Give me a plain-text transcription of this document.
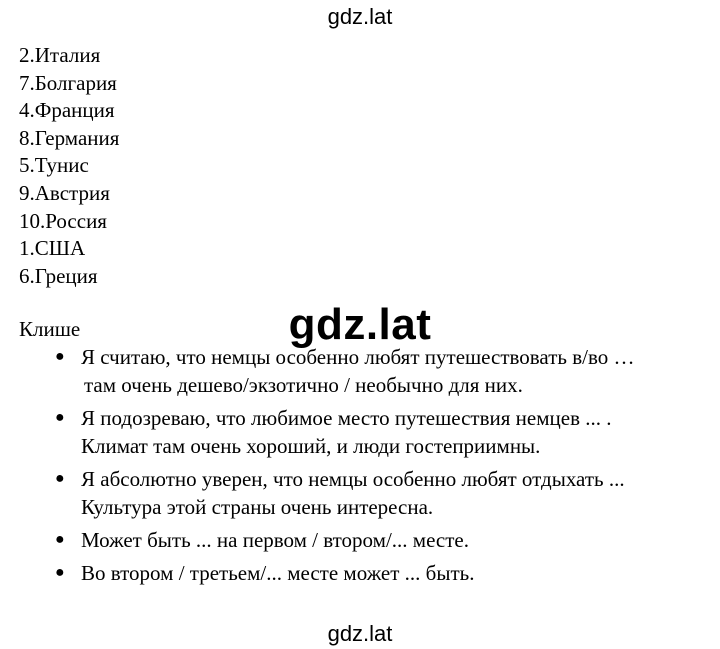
gdz.lat
2.Италия
7.Болгария
4.Франция
8.Германия
5.Тунис
9.Австрия
10.Россия
1.США
6.Греция
gdz.lat
Клише
● Я считаю, что немцы особенно любят путешествовать в/во …
там очень дешево/экзотично / необычно для них.
● Я подозреваю, что любимое место путешествия немцев ... .
Климат там очень хороший, и люди гостеприимны.
● Я абсолютно уверен, что немцы особенно любят отдыхать ...
Культура этой страны очень интересна.
● Может быть ... на первом / втором/... месте.
● Во втором / третьем/... месте может ... быть.
gdz.lat
